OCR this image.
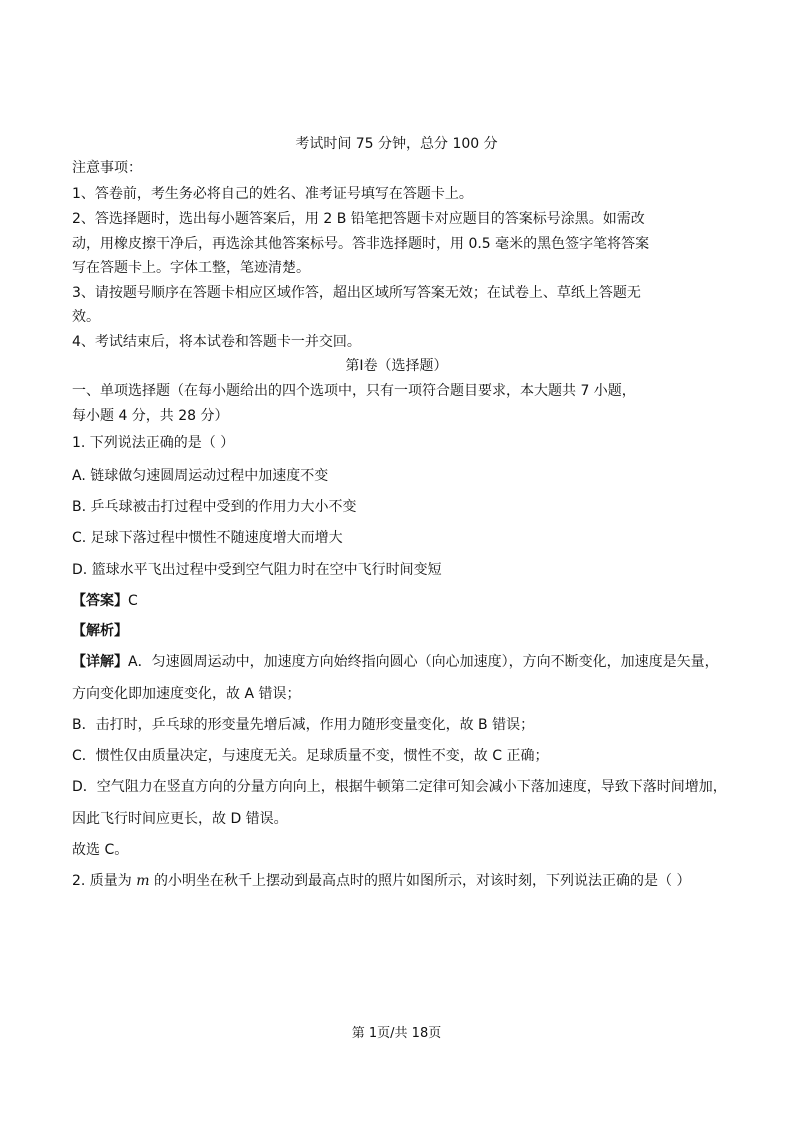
考试时间 75 分钟，总分 100 分
注意事项：
1、答卷前，考生务必将自己的姓名、准考证号填写在答题卡上。
2、答选择题时，选出每小题答案后，用 2 B 铅笔把答题卡对应题目的答案标号涂黑。如需改
动，用橡皮擦干净后，再选涂其他答案标号。答非选择题时，用 0.5 毫米的黑色签字笔将答案
写在答题卡上。字体工整，笔迹清楚。
3、请按题号顺序在答题卡相应区域作答，超出区域所写答案无效；在试卷上、草纸上答题无
效。
4、考试结束后，将本试卷和答题卡一并交回。
第Ⅰ卷（选择题）
一、单项选择题（在每小题给出的四个选项中，只有一项符合题目要求，本大题共 7 小题，
每小题 4 分，共 28 分）
1. 下列说法正确的是（ ）
A. 链球做匀速圆周运动过程中加速度不变
B. 乒乓球被击打过程中受到的作用力大小不变
C. 足球下落过程中惯性不随速度增大而增大
D. 篮球水平飞出过程中受到空气阻力时在空中飞行时间变短
【答案】C
【解析】
【详解】A．匀速圆周运动中，加速度方向始终指向圆心（向心加速度），方向不断变化，加速度是矢量，
方向变化即加速度变化，故 A 错误；
B．击打时，乒乓球的形变量先增后减，作用力随形变量变化，故 B 错误；
C．惯性仅由质量决定，与速度无关。足球质量不变，惯性不变，故 C 正确；
D．空气阻力在竖直方向的分量方向向上，根据牛顿第二定律可知会减小下落加速度，导致下落时间增加，
因此飞行时间应更长，故 D 错误。
故选 C。
2. 质量为 m 的小明坐在秋千上摆动到最高点时的照片如图所示，对该时刻，下列说法正确的是（ ）
第 1页/共 18页
